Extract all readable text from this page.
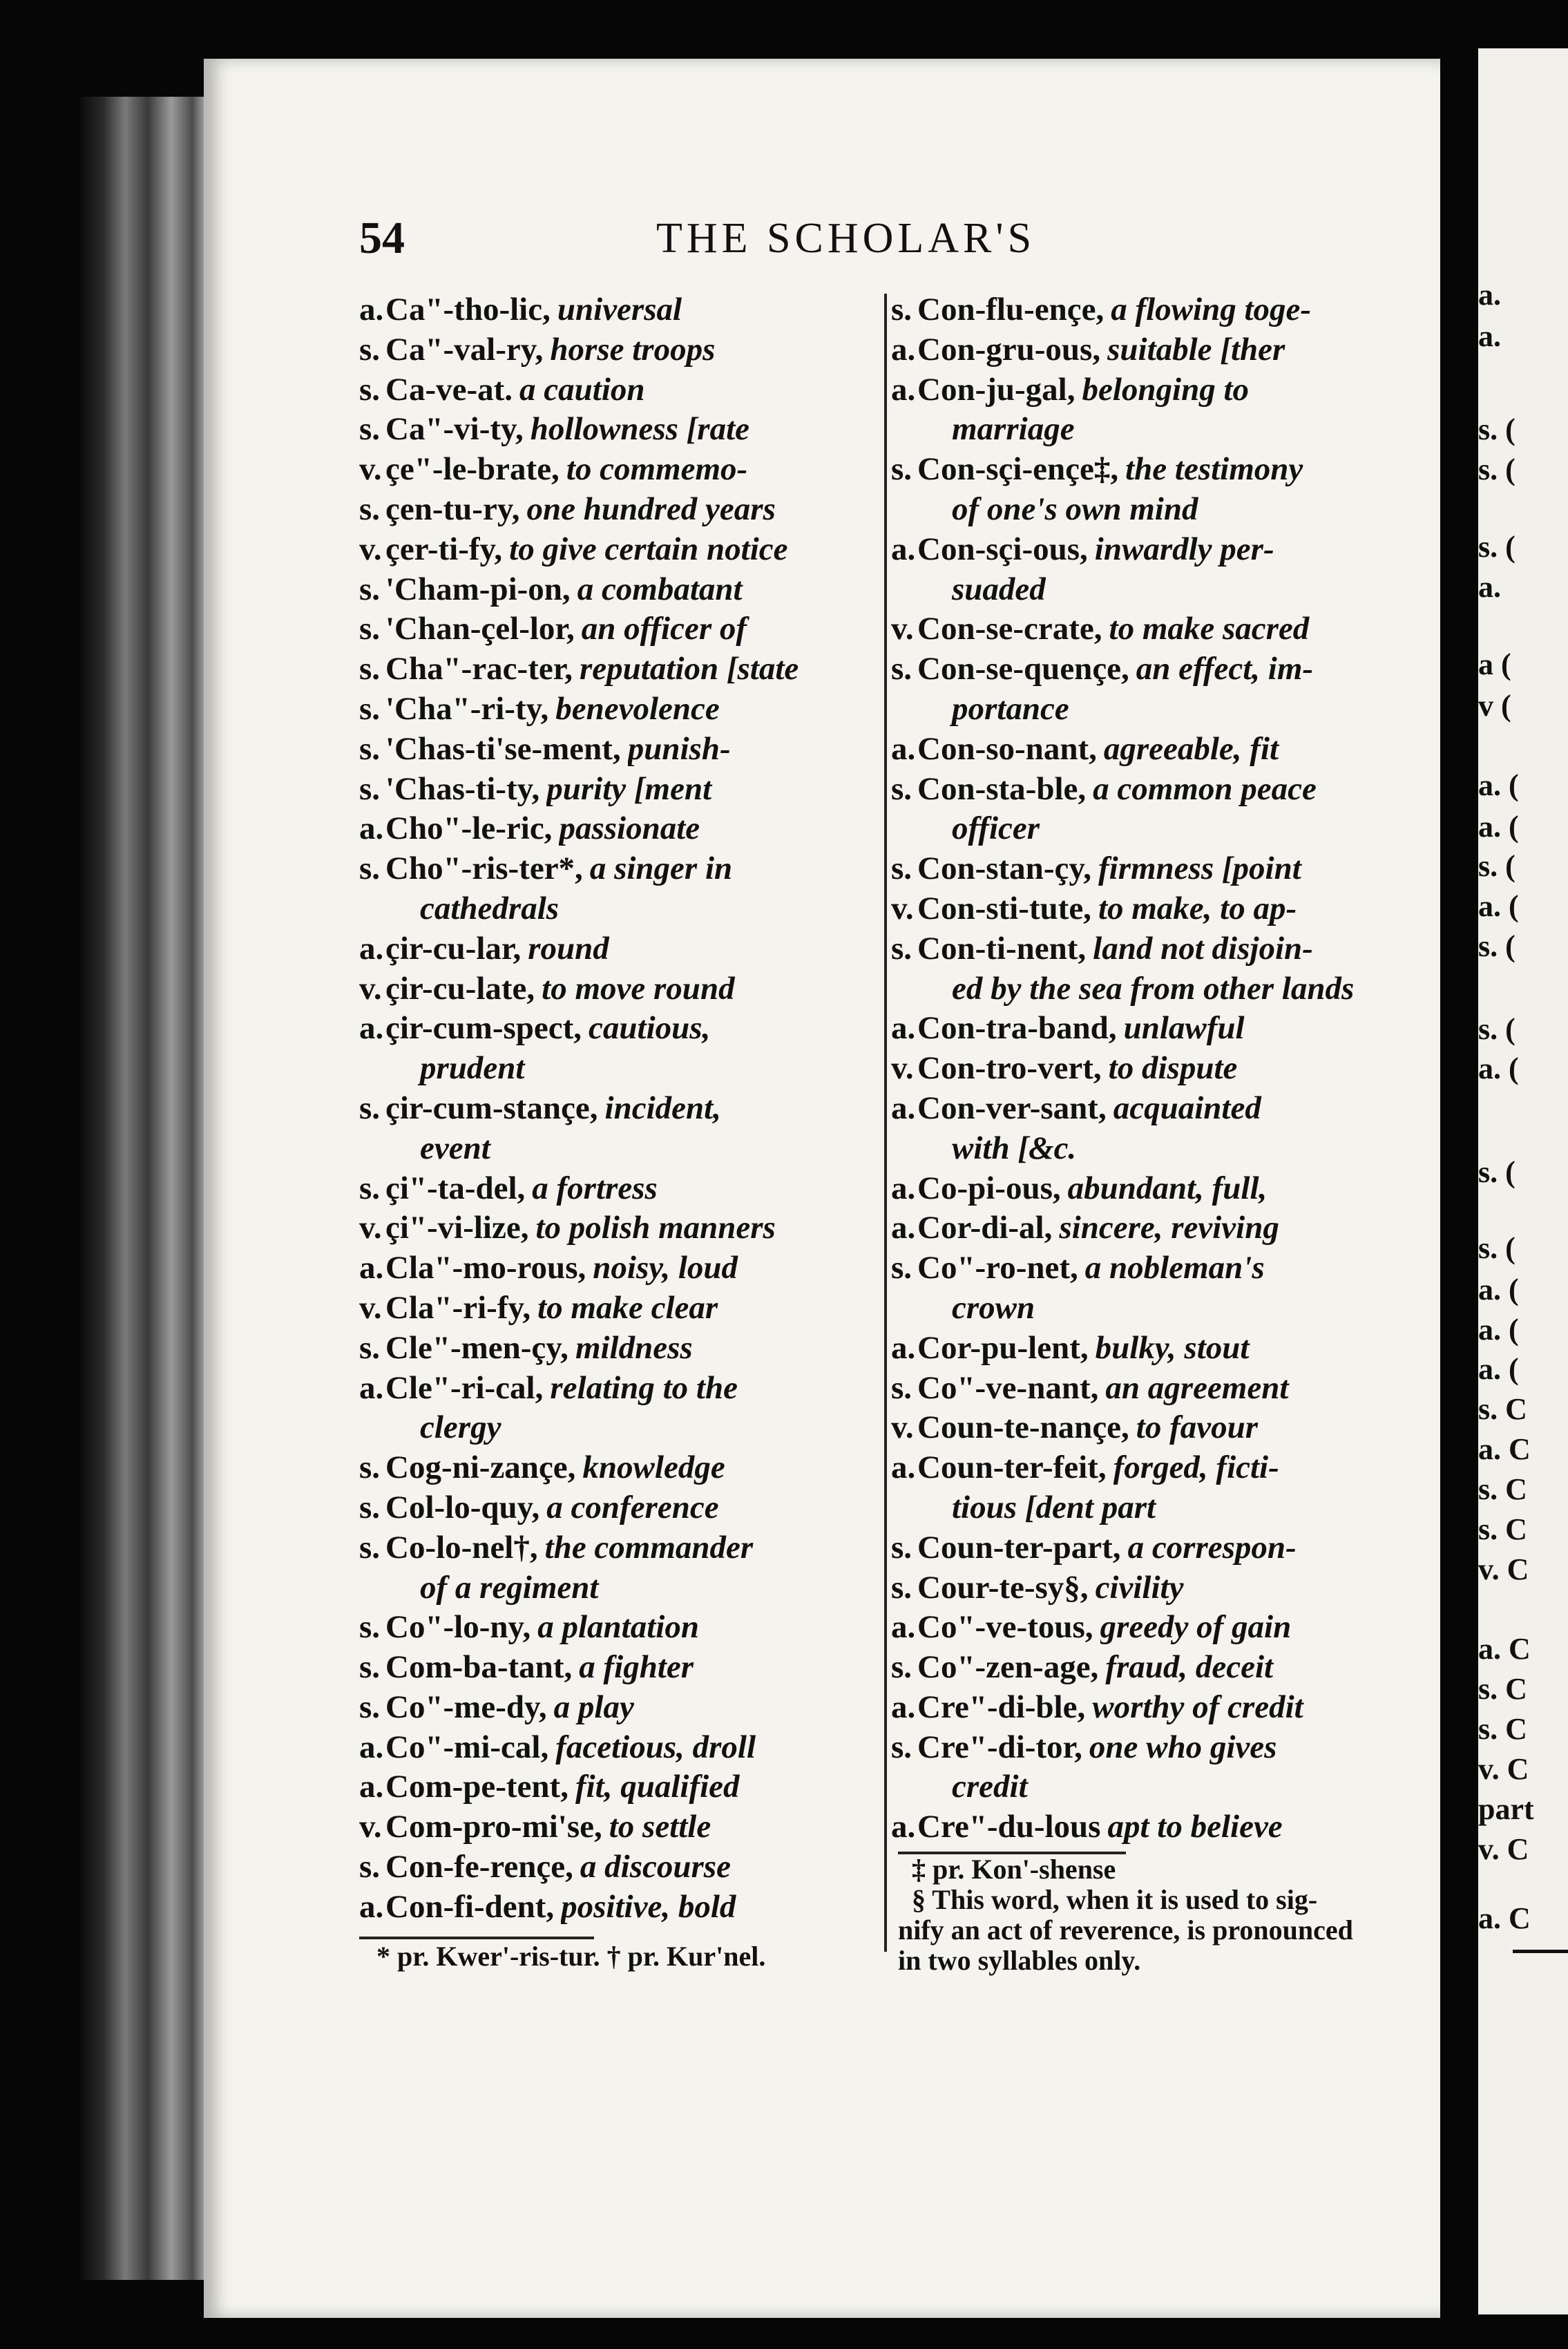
a.
a.
s. (
s. (
s. (
a.
a (
v (
a. (
a. (
s. (
a. (
s. (
s. (
a. (
s. (
s. (
a. (
a. (
a. (
s. C
a. C
s. C
s. C
v. C
a. C
s. C
s. C
v. C
part
v. C
a. C
54	THE SCHOLAR'S
a. Ca"-tho-lic, universal
s. Ca"-val-ry, horse troops
s. Ca-ve-at. a caution
s. Ca"-vi-ty, hollowness [rate
v. çe"-le-brate, to commemo-
s. çen-tu-ry, one hundred years
v. çer-ti-fy, to give certain notice
s. 'Cham-pi-on, a combatant
s. 'Chan-çel-lor, an officer of
s. Cha"-rac-ter, reputation [state
s. 'Cha"-ri-ty, benevolence
s. 'Chas-ti'se-ment, punish-
s. 'Chas-ti-ty, purity [ment
a. Cho"-le-ric, passionate
s. Cho"-ris-ter*, a singer in
cathedrals
a. çir-cu-lar, round
v. çir-cu-late, to move round
a. çir-cum-spect, cautious,
prudent
s. çir-cum-stançe, incident,
event
s. çi"-ta-del, a fortress
v. çi"-vi-lize, to polish manners
a. Cla"-mo-rous, noisy, loud
v. Cla"-ri-fy, to make clear
s. Cle"-men-çy, mildness
a. Cle"-ri-cal, relating to the
clergy
s. Cog-ni-zançe, knowledge
s. Col-lo-quy, a conference
s. Co-lo-nel†, the commander
of a regiment
s. Co"-lo-ny, a plantation
s. Com-ba-tant, a fighter
s. Co"-me-dy, a play
a. Co"-mi-cal, facetious, droll
a. Com-pe-tent, fit, qualified
v. Com-pro-mi'se, to settle
s. Con-fe-rençe, a discourse
a. Con-fi-dent, positive, bold
s. Con-flu-ençe, a flowing toge-
a. Con-gru-ous, suitable [ther
a. Con-ju-gal, belonging to
marriage
s. Con-sçi-ençe‡, the testimony
of one's own mind
a. Con-sçi-ous, inwardly per-
suaded
v. Con-se-crate, to make sacred
s. Con-se-quençe, an effect, im-
portance
a. Con-so-nant, agreeable, fit
s. Con-sta-ble, a common peace
officer
s. Con-stan-çy, firmness [point
v. Con-sti-tute, to make, to ap-
s. Con-ti-nent, land not disjoin-
ed by the sea from other lands
a. Con-tra-band, unlawful
v. Con-tro-vert, to dispute
a. Con-ver-sant, acquainted
with [&c.
a. Co-pi-ous, abundant, full,
a. Cor-di-al, sincere, reviving
s. Co"-ro-net, a nobleman's
crown
a. Cor-pu-lent, bulky, stout
s. Co"-ve-nant, an agreement
v. Coun-te-nançe, to favour
a. Coun-ter-feit, forged, ficti-
tious [dent part
s. Coun-ter-part, a correspon-
s. Cour-te-sy§, civility
a. Co"-ve-tous, greedy of gain
s. Co"-zen-age, fraud, deceit
a. Cre"-di-ble, worthy of credit
s. Cre"-di-tor, one who gives
credit
a. Cre"-du-lous apt to believe
* pr. Kwer'-ris-tur. † pr. Kur'nel.
‡ pr. Kon'-shense
§ This word, when it is used to sig-
nify an act of reverence, is pronounced
in two syllables only.
